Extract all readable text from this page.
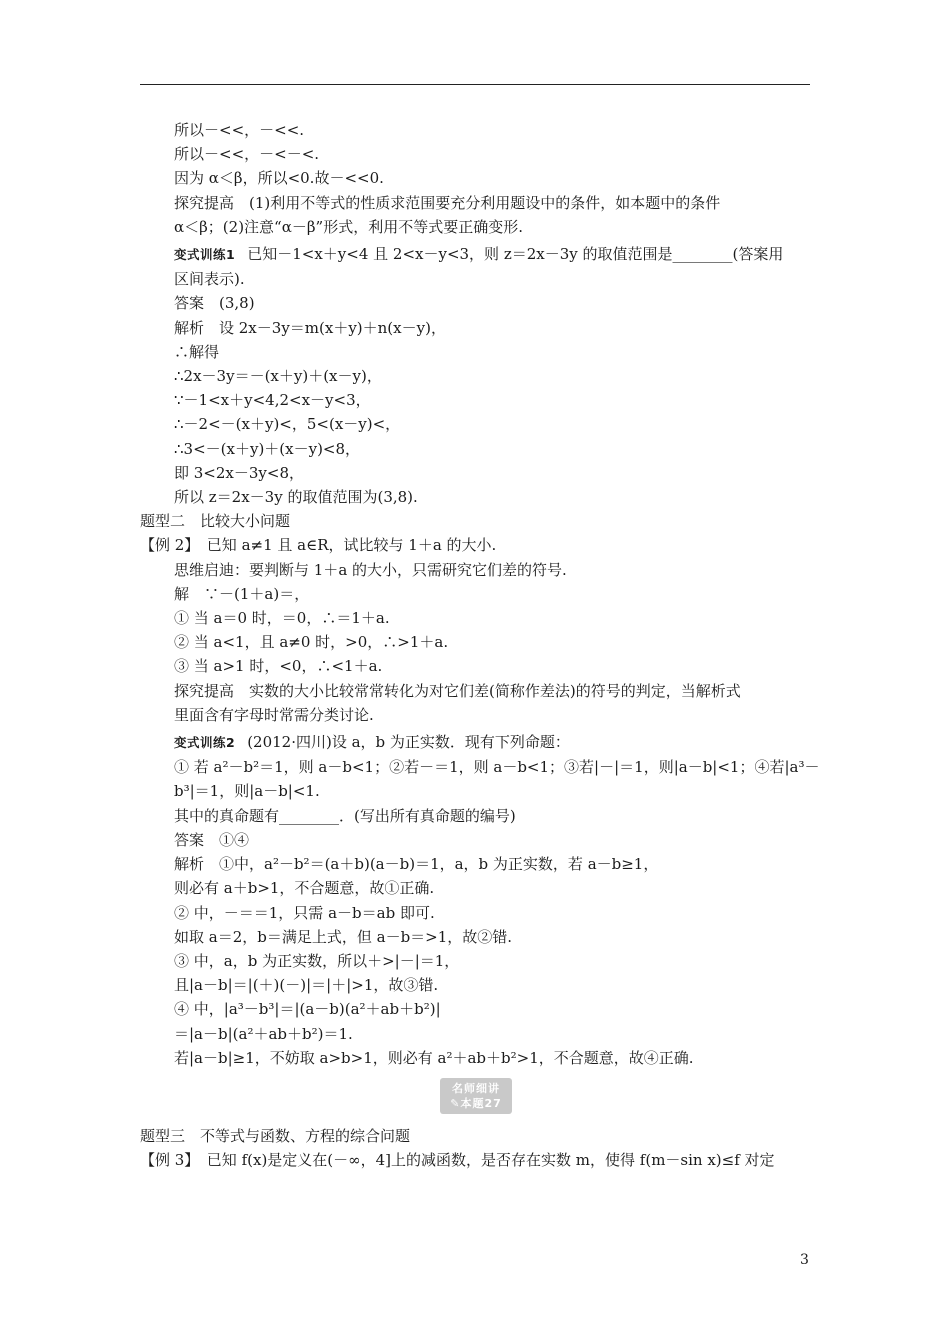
所以－<<，－<<.
所以－<<，－<－<.
因为 α＜β，所以<0.故－<<0.
探究提高　(1)利用不等式的性质求范围要充分利用题设中的条件，如本题中的条件
α＜β；(2)注意“α－β”形式，利用不等式要正确变形.
变式训练1 已知－1<x＋y<4 且 2<x－y<3，则 z＝2x－3y 的取值范围是________(答案用
区间表示).
答案　(3,8)
解析　设 2x－3y＝m(x＋y)＋n(x－y)，
∴解得
∴2x－3y＝－(x＋y)＋(x－y)，
∵－1<x＋y<4,2<x－y<3，
∴－2<－(x＋y)<，5<(x－y)<，
∴3<－(x＋y)＋(x－y)<8，
即 3<2x－3y<8，
所以 z＝2x－3y 的取值范围为(3,8).
题型二　比较大小问题
【例 2】　已知 a≠1 且 a∈R，试比较与 1＋a 的大小.
思维启迪：要判断与 1＋a 的大小，只需研究它们差的符号.
解　∵－(1＋a)＝，
① 当 a＝0 时，＝0，∴＝1＋a.
② 当 a<1，且 a≠0 时，>0，∴>1＋a.
③ 当 a>1 时，<0，∴<1＋a.
探究提高　实数的大小比较常常转化为对它们差(简称作差法)的符号的判定，当解析式
里面含有字母时常需分类讨论.
变式训练2 (2012·四川)设 a，b 为正实数．现有下列命题：
① 若 a²－b²＝1，则 a－b<1；②若－＝1，则 a－b<1；③若|－|＝1，则|a－b|<1；④若|a³－
b³|＝1，则|a－b|<1.
其中的真命题有________．(写出所有真命题的编号)
答案　①④
解析　①中，a²－b²＝(a＋b)(a－b)＝1，a，b 为正实数，若 a－b≥1，
则必有 a＋b>1，不合题意，故①正确.
② 中，－＝＝1，只需 a－b＝ab 即可.
如取 a＝2，b＝满足上式，但 a－b＝>1，故②错.
③ 中，a，b 为正实数，所以＋>|－|＝1，
且|a－b|＝|(＋)(－)|＝|＋|>1，故③错.
④ 中，|a³－b³|＝|(a－b)(a²＋ab＋b²)|
＝|a－b|(a²＋ab＋b²)＝1.
若|a－b|≥1，不妨取 a>b>1，则必有 a²＋ab＋b²>1，不合题意，故④正确.
名师细讲
✎本题27
题型三　不等式与函数、方程的综合问题
【例 3】　已知 f(x)是定义在(－∞，4]上的减函数，是否存在实数 m，使得 f(m－sin x)≤f 对定
3
